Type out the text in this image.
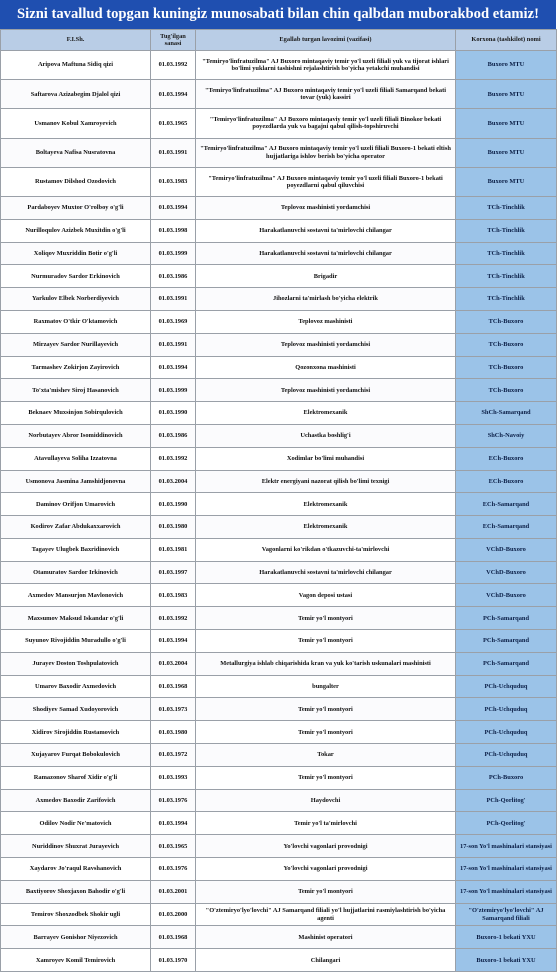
Sizni tavallud topgan kuningiz munosabati bilan chin qalbdan muborakbod etamiz!
F.I.Sh.	Tug'ilgan sanasi	Egallab turgan lavozimi (vazifasi)	Korxona (tashkilot) nomi
Aripova Maftuna Sidiq qizi	01.03.1992	"Temiryo'linfratuzilma" AJ Buxoro mintaqaviy temir yo'l uzeli filiali yuk va tijorat ishlari bo'limi yuklarni tashishni rejalashtirish bo'yicha yetakchi muhandisi	Buxoro MTU
Saftarova Azizabegim Djalol qizi	01.03.1994	"Temiryo'linfratuzilma" AJ Buxoro mintaqaviy temir yo'l uzeli filiali Samarqand bekati tovar (yuk) kassiri	Buxoro MTU
Usmanov Kobul Xamroyevich	01.03.1965	"Temiryo'linfratuzilma" AJ Buxoro mintaqaviy temir yo'l uzeli filiali Binokor bekati poyezdlarda yuk va bagajni qabul qilish-topshiruvchi	Buxoro MTU
Boltayeva Nafisa Nusratovna	01.03.1991	"Temiryo'linfratuzilma" AJ Buxoro mintaqaviy temir yo'l uzeli filiali Buxoro-1 bekati eltish hujjatlariga ishlov berish bo'yicha operator	Buxoro MTU
Rustamov Dilshod Ozodovich	01.03.1983	"Temiryo'linfratuzilma" AJ Buxoro mintaqaviy temir yo'l uzeli filiali Buxoro-1 bekati poyezdlarni qabul qiluvchisi	Buxoro MTU
Pardaboyev Muxtor O'rolboy o'g'li	01.03.1994	Teplovoz mashinisti yordamchisi	TCh-Tinchlik
Nurilloqulov Azizbek Muxitdin o'g'li	01.03.1998	Harakatlanuvchi sostavni ta'mirlovchi chilangar	TCh-Tinchlik
Xoliqov Muxriddin Botir o'g'li	01.03.1999	Harakatlanuvchi sostavni ta'mirlovchi chilangar	TCh-Tinchlik
Nurmuradov Sardor Erkinovich	01.03.1986	Brigadir	TCh-Tinchlik
Yarkulov Elbek Norberdiyevich	01.03.1991	Jihozlarni ta'mirlash bo'yicha elektrik	TCh-Tinchlik
Raxmatov O'tkir O'ktamovich	01.03.1969	Teplovoz mashinisti	TCh-Buxoro
Mirzayev Sardor Nurillayevich	01.03.1991	Teplovoz mashinisti yordamchisi	TCh-Buxoro
Tarmashev Zokirjon Zayirovich	01.03.1994	Qozonxona mashinisti	TCh-Buxoro
To'xta'mishev Siroj Hasanovich	01.03.1999	Teplovoz mashinisti yordamchisi	TCh-Buxoro
Beknaev Muxsinjon Sobirqulovich	01.03.1990	Elektromexanik	ShCh-Samarqand
Norbutayev Abror Isomiddinovich	01.03.1986	Uchastka boshlig'i	ShCh-Navoiy
Atavullayeva Soliha Izzatovna	01.03.1992	Xodimlar bo'limi muhandisi	ECh-Buxoro
Usmonova Jasmina Jamshidjonovna	01.03.2004	Elektr energiyani nazorat qilish bo'limi texnigi	ECh-Buxoro
Daminov Orifjon Umarovich	01.03.1990	Elektromexanik	ECh-Samarqand
Kodirov Zafar Abdukaxxarovich	01.03.1980	Elektromexanik	ECh-Samarqand
Tagayev Ulugbek Baxridinovich	01.03.1981	Vagonlarni ko'rikdan o'tkazuvchi-ta'mirlovchi	VChD-Buxoro
Otamuratov Sardor Irkinovich	01.03.1997	Harakatlanuvchi sostavni ta'mirlovchi chilangar	VChD-Buxoro
Axmedov Mansurjon Mavlonovich	01.03.1983	Vagon deposi ustasi	VChD-Buxoro
Maxsumov Maksud Iskandar o'g'li	01.03.1992	Temir yo'l montyori	PCh-Samarqand
Suyunov Rivojiddin Muradullo o'g'li	01.03.1994	Temir yo'l montyori	PCh-Samarqand
Jurayev Doston Toshpulatovich	01.03.2004	Metallurgiya ishlab chiqarishida kran va yuk ko'tarish uskunalari mashinisti	PCh-Samarqand
Umarov Baxodir Axmedovich	01.03.1968	bungalter	PCh-Uchquduq
Shodiyev Samad Xudoyorovich	01.03.1973	Temir yo'l montyori	PCh-Uchquduq
Xidirov Sirojiddin Rustamovich	01.03.1980	Temir yo'l montyori	PCh-Uchquduq
Xujayarov Furqat Bobokulovich	01.03.1972	Tokar	PCh-Uchquduq
Ramazonov Sharof Xidir o'g'li	01.03.1993	Temir yo'l montyori	PCh-Buxoro
Axmedov Baxodir Zarifovich	01.03.1976	Haydovchi	PCh-Qorlitog'
Odilov Nodir Ne'matovich	01.03.1994	Temir yo'l ta'mirlovchi	PCh-Qorlitog'
Nuriddinov Shuxrat Jurayevich	01.03.1965	Yo'lovchi vagonlari provodnigi	17-son Yo'l mashinalari stansiyasi
Xaydarov Jo'raqul Ravshanovich	01.03.1976	Yo'lovchi vagonlari provodnigi	17-son Yo'l mashinalari stansiyasi
Baxtiyorov Shoxjaxon Bahodir o'g'li	01.03.2001	Temir yo'l montyori	17-son Yo'l mashinalari stansiyasi
Temirov Shoxzodbek Shokir ugli	01.03.2000	"O'ztemiryo'lyo'lovchi" AJ Samarqand filiali yo'l hujjatlarini rasmiylashtirish bo'yicha agenti	"O'ztemiryo'lyo'lovchi" AJ Samarqand filiali
Barrayev Gonishor Niyezovich	01.03.1968	Mashinist operatori	Buxoro-1 bekati YXU
Xamroyev Komil Temirovich	01.03.1970	Chilangari	Buxoro-1 bekati YXU
